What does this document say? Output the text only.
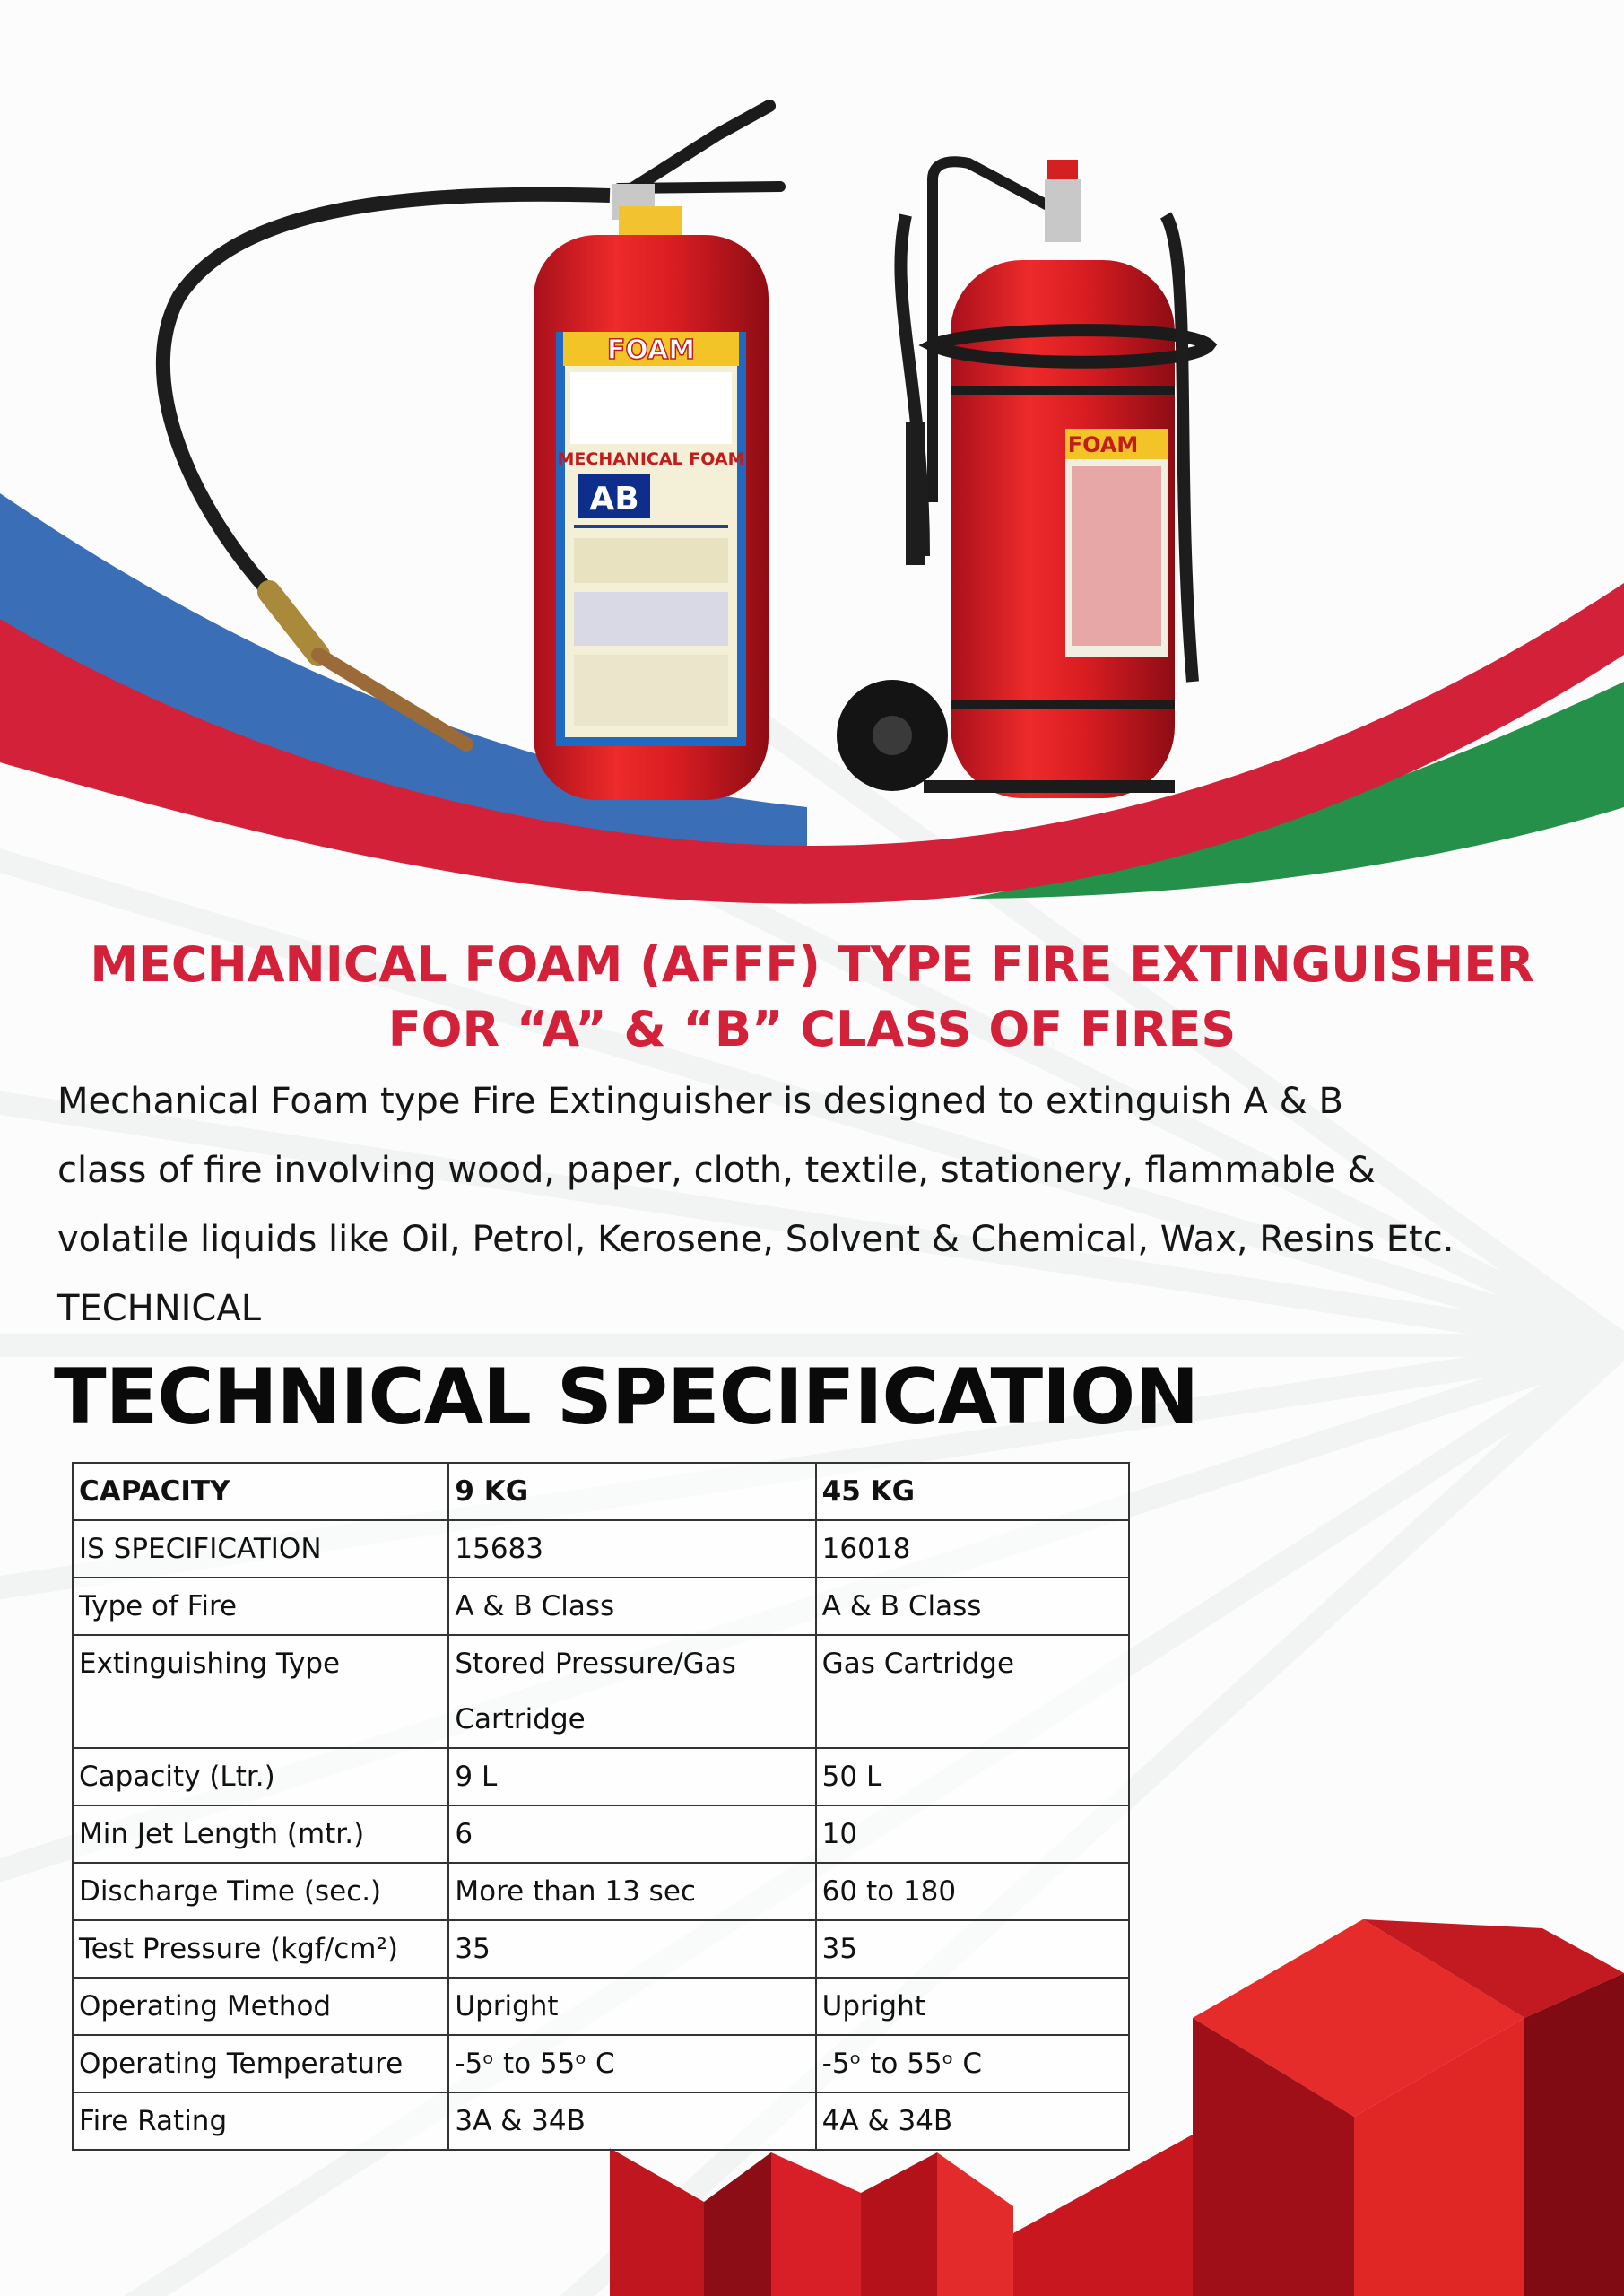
FOAM
MECHANICAL FOAM
AB
FOAM
MECHANICAL FOAM (AFFF) TYPE FIRE EXTINGUISHER
FOR “A” & “B” CLASS OF FIRES

Mechanical Foam type Fire Extinguisher is designed to extinguish A & B
class of fire involving wood, paper, cloth, textile, stationery, flammable &
volatile liquids like Oil, Petrol, Kerosene, Solvent & Chemical, Wax, Resins Etc.
TECHNICAL

TECHNICAL SPECIFICATION
CAPACITY	9 KG	45 KG
IS SPECIFICATION	15683	16018
Type of Fire	A & B Class	A & B Class
Extinguishing Type	Stored Pressure/Gas Cartridge	Gas Cartridge
Capacity (Ltr.)	9 L	50 L
Min Jet Length (mtr.)	6	10
Discharge Time (sec.)	More than 13 sec	60 to 180
Test Pressure (kgf/cm²)	35	35
Operating Method	Upright	Upright
Operating Temperature	-5ᵒ to 55ᵒ C	-5ᵒ to 55ᵒ C
Fire Rating	3A & 34B	4A & 34B
